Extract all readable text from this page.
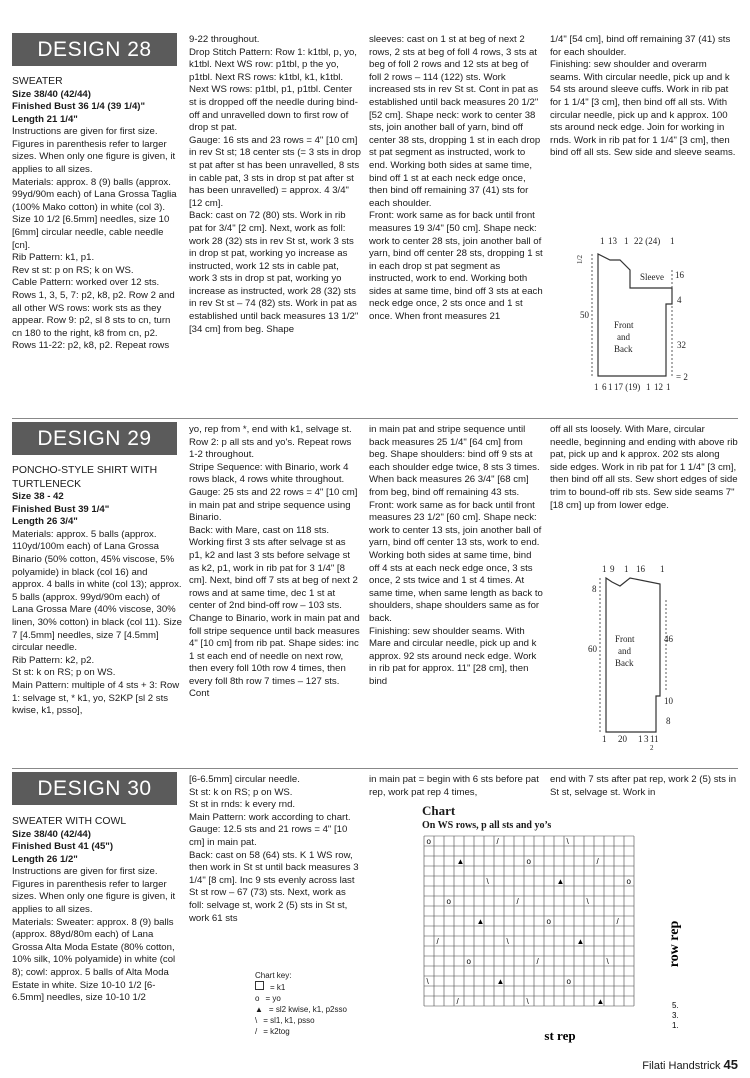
DESIGN 28

SWEATER

Size 38/40 (42/44)

Finished Bust 36 1/4 (39 1/4)"

Length 21 1/4"

Instructions are given for first size. Figures in parenthesis refer to larger sizes. When only one figure is given, it applies to all sizes.

Materials: approx. 8 (9) balls (approx. 99yd/90m each) of Lana Grossa Taglia (100% Mako cotton) in white (col 3). Size 10 1/2 [6.5mm] needles, size 10 [6mm] circular needle, cable needle [cn].

Rib Pattern: k1, p1.

Rev st st: p on RS; k on WS.

Cable Pattern: worked over 12 sts. Rows 1, 3, 5, 7: p2, k8, p2. Row 2 and all other WS rows: work sts as they appear. Row 9: p2, sl 8 sts to cn, turn cn 180 to the right, k8 from cn, p2. Rows 11-22: p2, k8, p2. Repeat rows

9-22 throughout.

Drop Stitch Pattern: Row 1: k1tbl, p, yo, k1tbl. Next WS row: p1tbl, p the yo, p1tbl. Next RS rows: k1tbl, k1, k1tbl. Next WS rows: p1tbl, p1, p1tbl. Center st is dropped off the needle during bind-off and unravelled down to first row of drop st pat.

Gauge: 16 sts and 23 rows = 4" [10 cm] in rev St st; 18 center sts (= 3 sts in drop st pat after st has been unravelled, 8 sts in cable pat, 3 sts in drop st pat after st has been unravelled) = approx. 4 3/4" [12 cm].

Back: cast on 72 (80) sts. Work in rib pat for 3/4" [2 cm]. Next, work as foll: work 28 (32) sts in rev St st, work 3 sts in drop st pat, working yo increase as instructed, work 12 sts in cable pat, work 3 sts in drop st pat, working yo increase as instructed, work 28 (32) sts in rev St st – 74 (82) sts. Work in pat as established until back measures 13 1/2" [34 cm] from beg. Shape

sleeves: cast on 1 st at beg of next 2 rows, 2 sts at beg of foll 4 rows, 3 sts at beg of foll 2 rows and 12 sts at beg of foll 2 rows – 114 (122) sts. Work increased sts in rev St st. Cont in pat as established until back measures 20 1/2" [52 cm]. Shape neck: work to center 38 sts, join another ball of yarn, bind off center 38 sts, dropping 1 st in each drop st pat segment as instructed, work to end. Working both sides at same time, bind off 1 st at each neck edge once, then bind off remaining 37 (41) sts for each shoulder.

Front: work same as for back until front measures 19 3/4" [50 cm]. Shape neck: work to center 28 sts, join another ball of yarn, bind off center 28 sts, dropping 1 st in each drop st pat segment as instructed, work to end. Working both sides at same time, bind off 3 sts at each neck edge once, 2 sts once and 1 st once. When front measures 21

1/4" [54 cm], bind off remaining 37 (41) sts for each shoulder.

Finishing: sew shoulder and overarm seams. With circular needle, pick up and k 54 sts around sleeve cuffs. Work in rib pat for 1 1/4" [3 cm], then bind off all sts. With circular needle, pick up and k approx. 100 sts around neck edge. Join for working in rnds. Work in rib pat for 1 1/4" [3 cm], then bind off all sts. Sew side and sleeve seams.

1 13 1 22 (24) 1
1/2
50
Sleeve 16
4
Front
and
Back	32
1 6 1 17 (19) 1 12 1
= 2
DESIGN 29

PONCHO-STYLE SHIRT WITH TURTLENECK

Size 38 - 42

Finished Bust 39 1/4"

Length 26 3/4"

Materials: approx. 5 balls (approx. 110yd/100m each) of Lana Grossa Binario (50% cotton, 45% viscose, 5% polyamide) in black (col 16) and approx. 4 balls in white (col 13); approx. 5 balls (approx. 99yd/90m each) of Lana Grossa Mare (40% viscose, 30% linen, 30% cotton) in black (col 11). Size 7 [4.5mm] needles, size 7 [4.5mm] circular needle.

Rib Pattern: k2, p2.

St st: k on RS; p on WS.

Main Pattern: multiple of 4 sts + 3: Row 1: selvage st, * k1, yo, S2KP [sl 2 sts kwise, k1, psso],

yo, rep from *, end with k1, selvage st. Row 2: p all sts and yo's. Repeat rows 1-2 throughout.

Stripe Sequence: with Binario, work 4 rows black, 4 rows white throughout.

Gauge: 25 sts and 22 rows = 4" [10 cm] in main pat and stripe sequence using Binario.

Back: with Mare, cast on 118 sts. Working first 3 sts after selvage st as p1, k2 and last 3 sts before selvage st as k2, p1, work in rib pat for 3 1/4" [8 cm]. Next, bind off 7 sts at beg of next 2 rows and at same time, dec 1 st at center of 2nd bind-off row – 103 sts. Change to Binario, work in main pat and foll stripe sequence until back measures 4" [10 cm] from rib pat. Shape sides: inc 1 st each end of needle on next row, then every foll 10th row 4 times, then every foll 8th row 7 times – 127 sts. Cont

in main pat and stripe sequence until back measures 25 1/4" [64 cm] from beg. Shape shoulders: bind off 9 sts at each shoulder edge twice, 8 sts 3 times. When back measures 26 3/4" [68 cm] from beg, bind off remaining 43 sts.

Front: work same as for back until front measures 23 1/2" [60 cm]. Shape neck: work to center 13 sts, join another ball of yarn, bind off center 13 sts, work to end. Working both sides at same time, bind off 4 sts at each neck edge once, 3 sts once, 2 sts twice and 1 st 4 times. At same time, when same length as back to shoulders, shape shoulders same as for back.

Finishing: sew shoulder seams. With Mare and circular needle, pick up and k approx. 92 sts around neck edge. Work in rib pat for approx. 11" [28 cm], then bind

off all sts loosely. With Mare, circular needle, beginning and ending with above rib pat, pick up and k approx. 202 sts along side edges. Work in rib pat for 1 1/4" [3 cm], then bind off all sts. Sew short edges of side trim to bound-off rib sts. Sew side seams 7" [18 cm] up from lower edge.

1 9 1 16 1
8
60
Front
and
Back
46
10
8
1 20 1 3 1 1
2
DESIGN 30

SWEATER WITH COWL

Size 38/40 (42/44)

Finished Bust 41 (45")

Length 26 1/2"

Instructions are given for first size. Figures in parenthesis refer to larger sizes. When only one figure is given, it applies to all sizes.

Materials: Sweater: approx. 8 (9) balls (approx. 88yd/80m each) of Lana Grossa Alta Moda Estate (80% cotton, 10% silk, 10% polyamide) in white (col 8); cowl: approx. 5 balls of Alta Moda Estate in white. Size 10-10 1/2 [6-6.5mm] needles, size 10-10 1/2

[6-6.5mm] circular needle.

St st: k on RS; p on WS.

St st in rnds: k every rnd.

Main Pattern: work according to chart.

Gauge: 12.5 sts and 21 rows = 4" [10 cm] in main pat.

Back: cast on 58 (64) sts. K 1 WS row, then work in St st until back measures 3 1/4" [8 cm]. Inc 9 sts evenly across last St st row – 67 (73) sts. Next, work as foll: selvage st, work 2 (5) sts in St st, work 61 sts

Chart key:

= k1

o = yo

▲ = sl2 kwise, k1, p2sso

\ = sl1, k1, psso

/ = k2tog

in main pat = begin with 6 sts before pat rep, work pat rep 4 times,

end with 7 sts after pat rep, work 2 (5) sts in St st, selvage st. Work in

Chart
On WS rows, p all sts and yo’s
o	/	\
▲	o	/
\	▲	o
o	/	\
▲	o	/
/	\	▲
o	/	\
\	▲	o
/	\	▲
row rep
st rep
5.
3.
1.
Filati Handstrick 45
